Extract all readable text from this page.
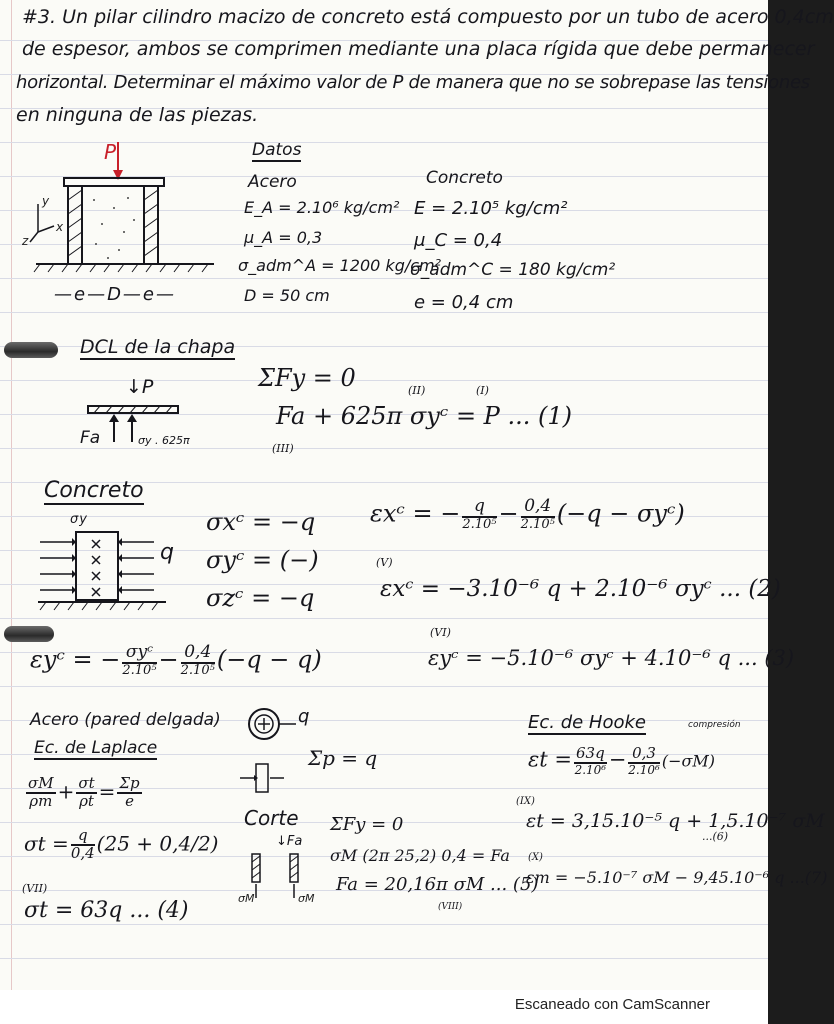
#3. Un pilar cilindro macizo de concreto está compuesto por un tubo de acero 0,4cm
de espesor, ambos se comprimen mediante una placa rígida que debe permanecer
horizontal. Determinar el máximo valor de P de manera que no se sobrepase las tensiones
en ninguna de las piezas.
P
y
x
z
—e—D—e—
Datos
Acero
E_A = 2.10⁶ kg/cm²
μ_A = 0,3
σ_adm^A = 1200 kg/cm²
D = 50 cm
Concreto
E = 2.10⁵ kg/cm²
μ_C = 0,4
σ_adm^C = 180 kg/cm²
e = 0,4 cm
DCL de la chapa
↓P
Fa	σy . 625π
ΣFy = 0	(II)	(I)
Fa + 625π σyᶜ = P ... (1)
(III)
Concreto
σy
q
σxᶜ = −q
σyᶜ = (−)
σzᶜ = −q
εxᶜ = − $\frac{q}{\text{2.10⁵}} - \frac{0,4}{\text{2.10⁵}} (-q$ − σyᶜ)
(V)
εxᶜ = −3.10⁻⁶ q + 2.10⁻⁶ σyᶜ ... (2)
εyᶜ = − $\frac{\text{σyᶜ}}{\text{2.10⁵}} - \frac{0,4}{\text{2.10⁵}} (-q - q)$
(VI)
εyᶜ = −5.10⁻⁶ σyᶜ + 4.10⁻⁶ q ... (3)
Acero (pared delgada)
Ec. de Laplace
q
Σp = q
$\frac{\sigma M}{\rho m} + \frac{\sigma t}{\rho t} = \frac{\Sigma p}{e}$
$\sigma t = \frac{q}{0,4} (25 + 0,4/2)$
(VII)
σt = 63q ... (4)
Corte ΣFy = 0
↓Fa
σM	σM
σM (2π 25,2) 0,4 = Fa
Fa = 20,16π σM ... (5)
(VIII)
Ec. de Hooke	compresión
$\varepsilon t = \frac{63q}{\text{2.10⁶}} - \frac{0,3}{\text{2.10⁶}} (-\sigma M)$
(IX)
εt = 3,15.10⁻⁵ q + 1,5.10⁻⁷ σM
...(6)
(X)
εm = −5.10⁻⁷ σM − 9,45.10⁻⁶ q ...(7)
Escaneado con CamScanner
